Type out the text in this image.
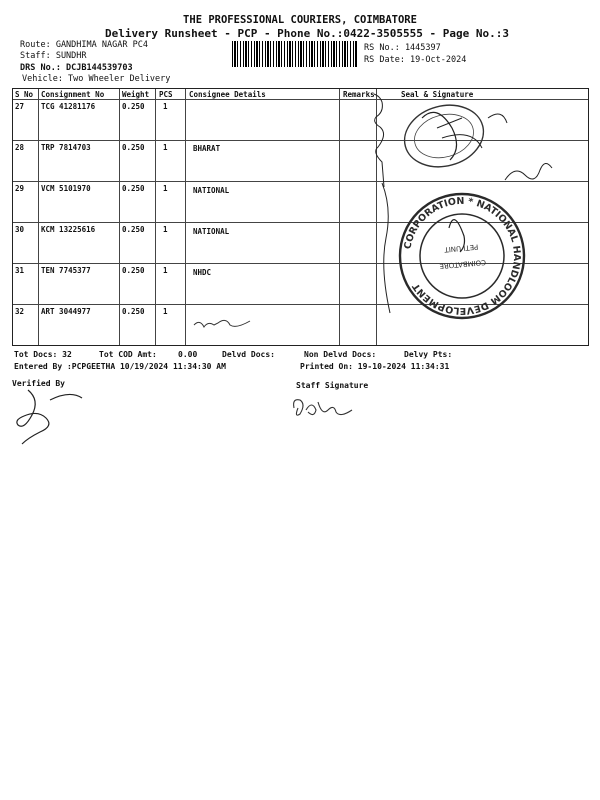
THE PROFESSIONAL COURIERS, COIMBATORE
Delivery Runsheet - PCP - Phone No.:0422-3505555 - Page No.:3
Route: GANDHIMA NAGAR PC4
Staff: SUNDHR
DRS No.: DCJB144539703
Vehicle: Two Wheeler Delivery
RS No.: 1445397
RS Date: 19-Oct-2024
S No Consignment No Weight PCS Consignee Details	Remarks	Seal & Signature
27 TCG 41281176	0.250 1
28 TRP 7814703	0.250 1	BHARAT
29 VCM 5101970	0.250 1	NATIONAL
30 KCM 13225616	0.250 1	NATIONAL
31 TEN 7745377	0.250 1	NHDC
32 ART 3044977	0.250 1
CORPORATION * NATIONAL HANDLOOM DEVELOPMENT
COIMBATORE
PETI UNIT
Tot Docs: 32	Tot COD Amt:	0.00	Delvd Docs:	Non Delvd Docs:	Delvy Pts:
Entered By :PCPGEETHA 10/19/2024 11:34:30 AM	Printed On: 19-10-2024 11:34:31
Verified By	Staff Signature
